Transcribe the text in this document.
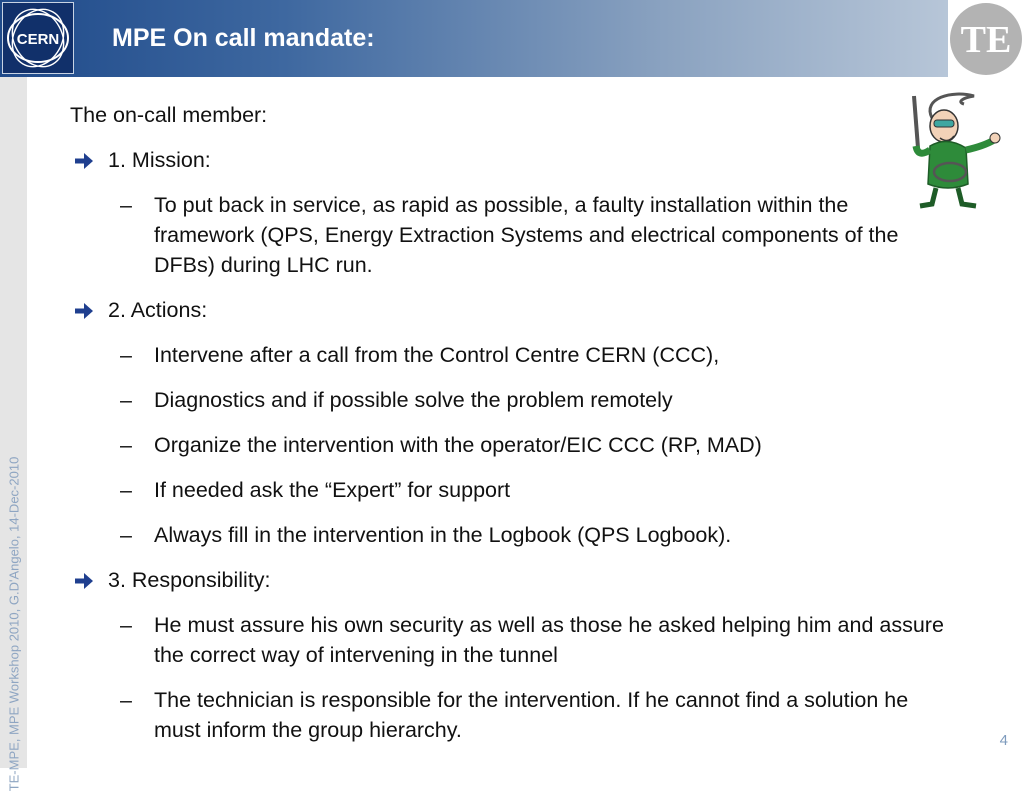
CERN MPE On call mandate:	TE
TE-MPE, MPE Workshop 2010, G.D'Angelo, 14-Dec-2010
The on-call member:
1. Mission:
– To put back in service, as rapid as possible, a faulty installation within the framework (QPS, Energy Extraction Systems and electrical components of the DFBs) during LHC run.
2. Actions:
– Intervene after a call from the Control Centre CERN (CCC),
– Diagnostics and if possible solve the problem remotely
– Organize the intervention with the operator/EIC CCC (RP, MAD)
– If needed ask the “Expert” for support
– Always fill in the intervention in the Logbook (QPS Logbook).
3. Responsibility:
– He must assure his own security as well as those he asked helping him and assure the correct way of intervening in the tunnel
– The technician is responsible for the intervention. If he cannot find a solution he must inform the group hierarchy.	4
